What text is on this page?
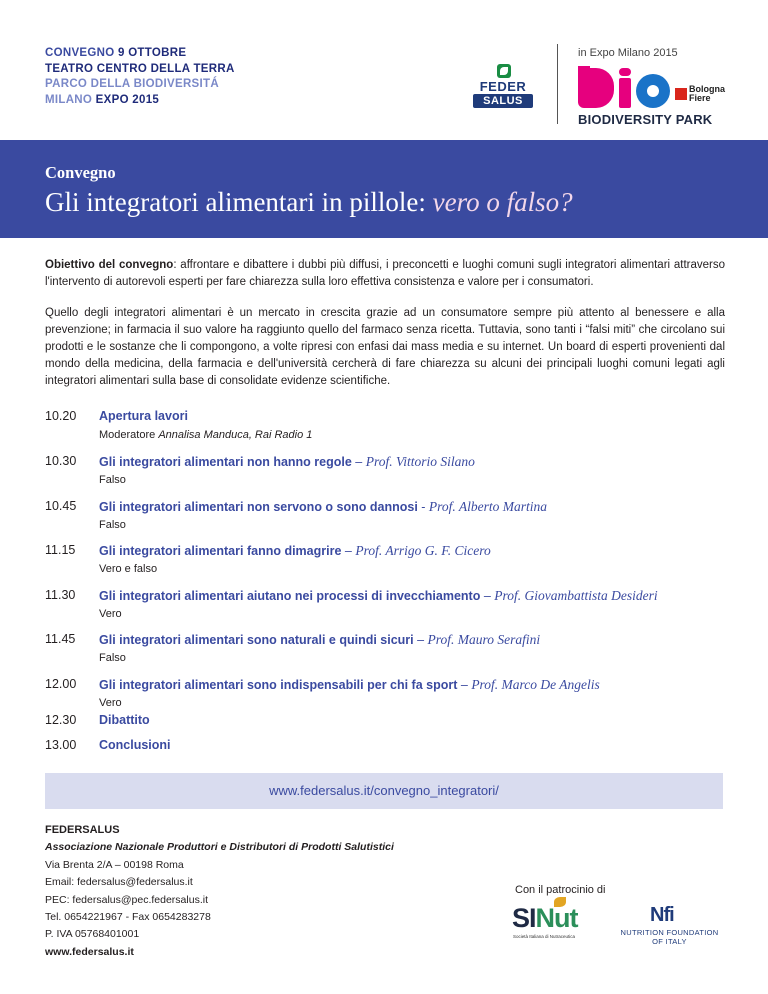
CONVEGNO 9 OTTOBRE
TEATRO CENTRO DELLA TERRA
PARCO DELLA BIODIVERSITÁ
MILANO EXPO 2015
FEDER
SALUS
in Expo Milano 2015
Bologna
Fiere
BIODIVERSITY PARK
Convegno
Gli integratori alimentari in pillole: vero o falso?
Obiettivo del convegno: affrontare e dibattere i dubbi più diffusi, i preconcetti e luoghi comuni sugli integratori alimentari attraverso l'intervento di autorevoli esperti per fare chiarezza sulla loro effettiva consistenza e valore per i consumatori.
Quello degli integratori alimentari è un mercato in crescita grazie ad un consumatore sempre più attento al benessere e alla prevenzione; in farmacia il suo valore ha raggiunto quello del farmaco senza ricetta. Tuttavia, sono tanti i “falsi miti” che circolano sui prodotti e le sostanze che li compongono, a volte ripresi con enfasi dai mass media e su internet. Un board di esperti provenienti dal mondo della medicina, della farmacia e dell'università cercherà di fare chiarezza su alcuni dei principali luoghi comuni legati agli integratori alimentari sulla base di consolidate evidenze scientifiche.
10.20 Apertura lavori
Moderatore Annalisa Manduca, Rai Radio 1
10.30 Gli integratori alimentari non hanno regole – Prof. Vittorio Silano
Falso
10.45 Gli integratori alimentari non servono o sono dannosi - Prof. Alberto Martina
Falso
11.15 Gli integratori alimentari fanno dimagrire – Prof. Arrigo G. F. Cicero
Vero e falso
11.30 Gli integratori alimentari aiutano nei processi di invecchiamento – Prof. Giovambattista Desideri
Vero
11.45 Gli integratori alimentari sono naturali e quindi sicuri – Prof. Mauro Serafini
Falso
12.00 Gli integratori alimentari sono indispensabili per chi fa sport – Prof. Marco De Angelis
Vero
12.30 Dibattito
13.00 Conclusioni
www.federsalus.it/convegno_integratori/
FEDERSALUS
Associazione Nazionale Produttori e Distributori di Prodotti Salutistici
Via Brenta 2/A – 00198 Roma
Email: federsalus@federsalus.it
PEC: federsalus@pec.federsalus.it
Tel. 0654221967 - Fax 0654283278
P. IVA 05768401001
www.federsalus.it
Con il patrocinio di
SINut
Società Italiana di Nutraceutica
Nfi
NUTRITION FOUNDATION
OF ITALY
